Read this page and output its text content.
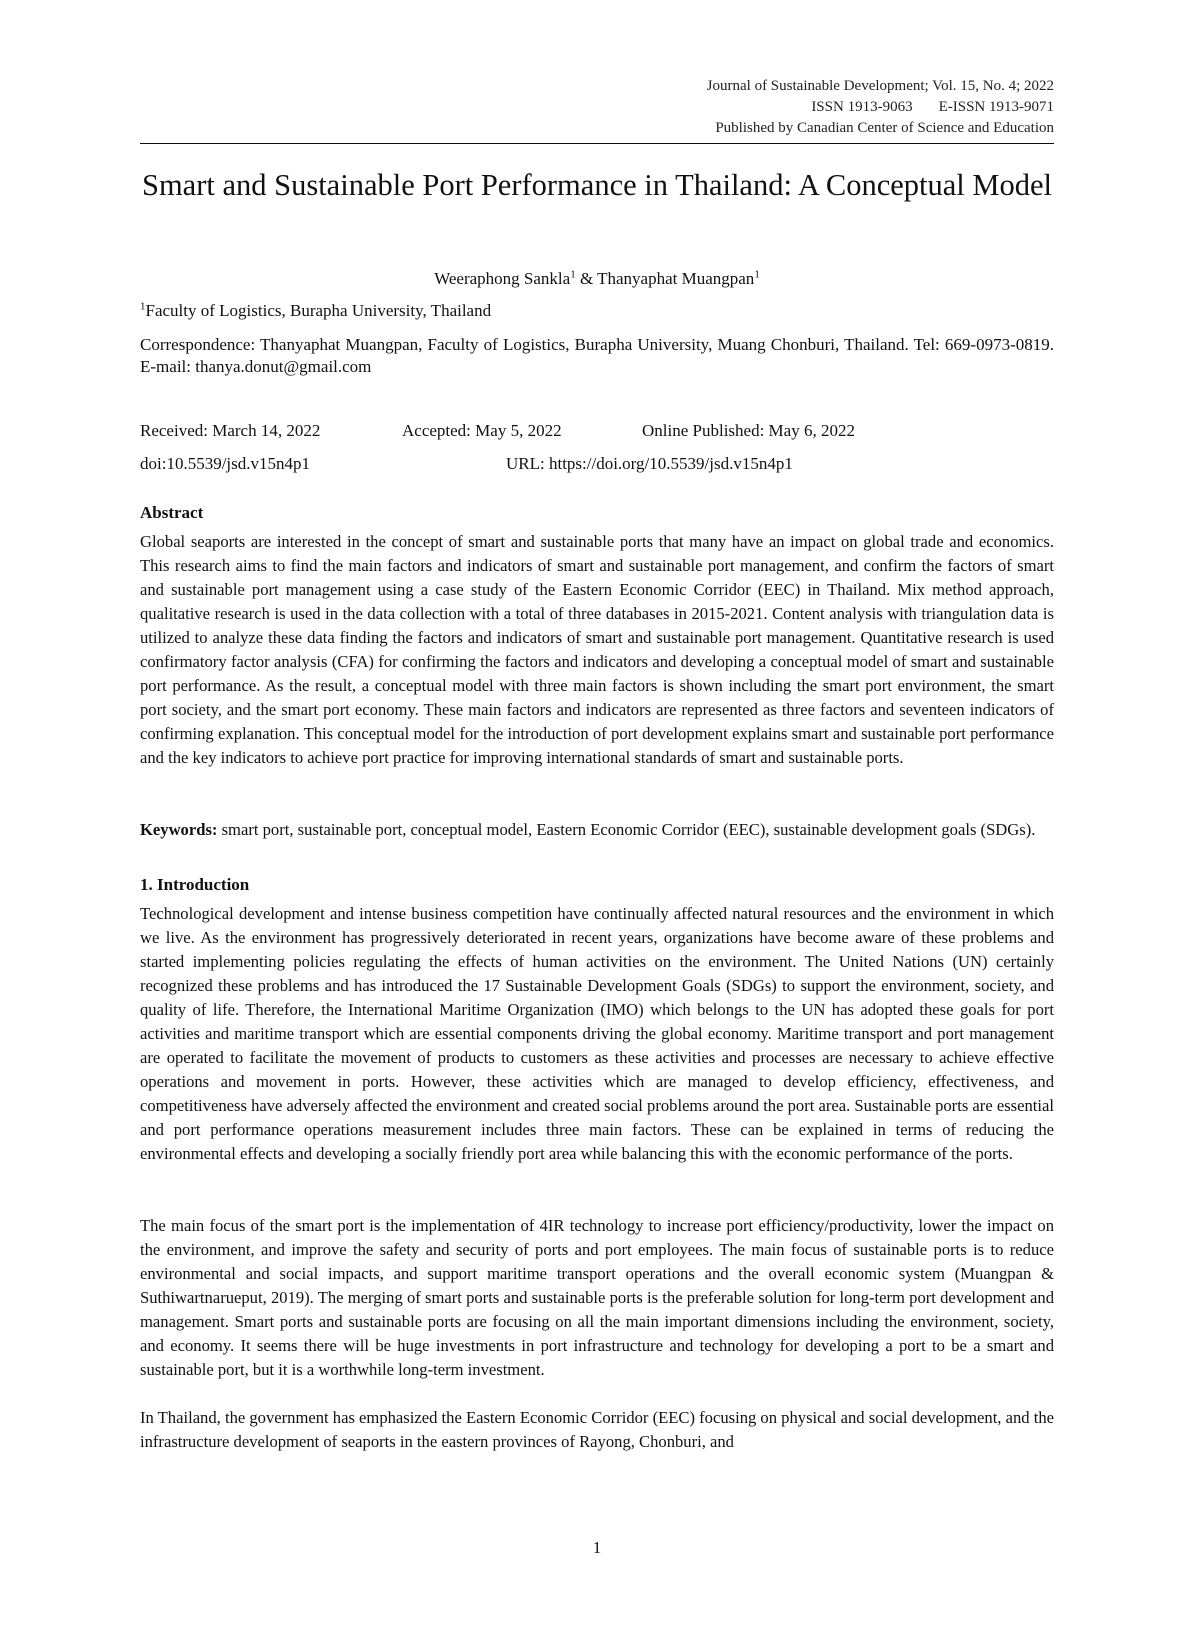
Journal of Sustainable Development; Vol. 15, No. 4; 2022
ISSN 1913-9063 E-ISSN 1913-9071
Published by Canadian Center of Science and Education
Smart and Sustainable Port Performance in Thailand: A Conceptual Model
Weeraphong Sankla$^1$ & Thanyaphat Muangpan$^1$
$^1$Faculty of Logistics, Burapha University, Thailand
Correspondence: Thanyaphat Muangpan, Faculty of Logistics, Burapha University, Muang Chonburi, Thailand. Tel: 669-0973-0819. E-mail: thanya.donut@gmail.com
Received: March 14, 2022	Accepted: May 5, 2022	Online Published: May 6, 2022
doi:10.5539/jsd.v15n4p1	URL: https://doi.org/10.5539/jsd.v15n4p1
Abstract

Global seaports are interested in the concept of smart and sustainable ports that many have an impact on global trade and economics. This research aims to find the main factors and indicators of smart and sustainable port management, and confirm the factors of smart and sustainable port management using a case study of the Eastern Economic Corridor (EEC) in Thailand. Mix method approach, qualitative research is used in the data collection with a total of three databases in 2015-2021. Content analysis with triangulation data is utilized to analyze these data finding the factors and indicators of smart and sustainable port management. Quantitative research is used confirmatory factor analysis (CFA) for confirming the factors and indicators and developing a conceptual model of smart and sustainable port performance. As the result, a conceptual model with three main factors is shown including the smart port environment, the smart port society, and the smart port economy. These main factors and indicators are represented as three factors and seventeen indicators of confirming explanation. This conceptual model for the introduction of port development explains smart and sustainable port performance and the key indicators to achieve port practice for improving international standards of smart and sustainable ports.

Keywords: smart port, sustainable port, conceptual model, Eastern Economic Corridor (EEC), sustainable development goals (SDGs).

1. Introduction

Technological development and intense business competition have continually affected natural resources and the environment in which we live. As the environment has progressively deteriorated in recent years, organizations have become aware of these problems and started implementing policies regulating the effects of human activities on the environment. The United Nations (UN) certainly recognized these problems and has introduced the 17 Sustainable Development Goals (SDGs) to support the environment, society, and quality of life. Therefore, the International Maritime Organization (IMO) which belongs to the UN has adopted these goals for port activities and maritime transport which are essential components driving the global economy. Maritime transport and port management are operated to facilitate the movement of products to customers as these activities and processes are necessary to achieve effective operations and movement in ports. However, these activities which are managed to develop efficiency, effectiveness, and competitiveness have adversely affected the environment and created social problems around the port area. Sustainable ports are essential and port performance operations measurement includes three main factors. These can be explained in terms of reducing the environmental effects and developing a socially friendly port area while balancing this with the economic performance of the ports.

The main focus of the smart port is the implementation of 4IR technology to increase port efficiency/productivity, lower the impact on the environment, and improve the safety and security of ports and port employees. The main focus of sustainable ports is to reduce environmental and social impacts, and support maritime transport operations and the overall economic system (Muangpan & Suthiwartnarueput, 2019). The merging of smart ports and sustainable ports is the preferable solution for long-term port development and management. Smart ports and sustainable ports are focusing on all the main important dimensions including the environment, society, and economy. It seems there will be huge investments in port infrastructure and technology for developing a port to be a smart and sustainable port, but it is a worthwhile long-term investment.

In Thailand, the government has emphasized the Eastern Economic Corridor (EEC) focusing on physical and social development, and the infrastructure development of seaports in the eastern provinces of Rayong, Chonburi, and

1
